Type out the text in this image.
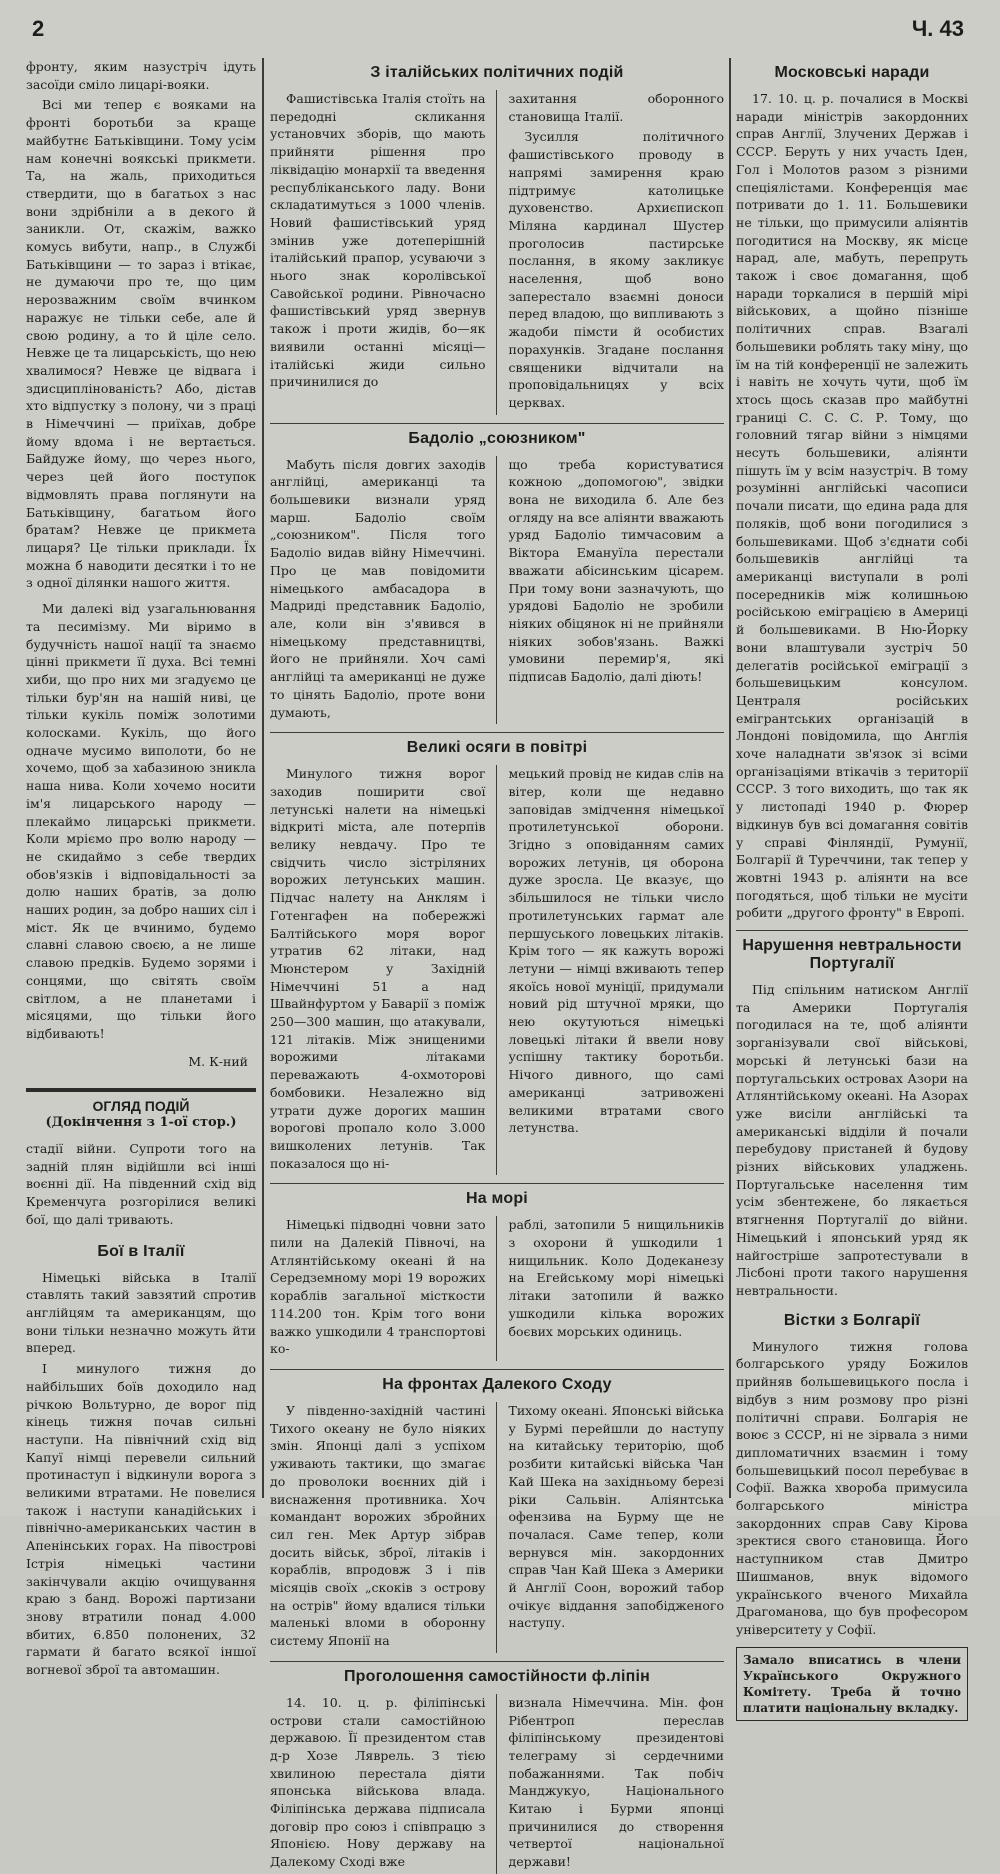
2	Ч. 43

фронту, яким назустріч ідуть засоїди сміло лицарі-вояки.

Всі ми тепер є вояками на фронті боротьби за краще майбутнє Батьківщини. Тому усім нам конечні воякські прикмети. Та, на жаль, приходиться ствердити, що в багатьох з нас вони здрібніли а в декого й заникли. От, скажім, важко комусь вибути, напр., в Службі Батьківщини — то зараз і втікає, не думаючи про те, що цим нерозважним своїм вчинком наражує не тільки себе, але й свою родину, а то й ціле село. Невже це та лицарськість, що нею хвалимося? Невже це відвага і здисциплінованість? Або, дістав хто відпустку з полону, чи з праці в Німеччині — приїхав, добре йому вдома і не вертається. Байдуже йому, що через нього, через цей його поступок відмовлять права поглянути на Батьківщину, багатьом його братам? Невже це прикмета лицаря? Це тільки приклади. Їх можна б наводити десятки і то не з одної ділянки нашого життя.

Ми далекі від узагальнювання та песимізму. Ми віримо в будучність нашої нації та знаємо цінні прикмети її духа. Всі темні хиби, що про них ми згадуємо це тільки бур'ян на нашій ниві, це тільки кукіль поміж золотими колосками. Кукіль, що його одначе мусимо виполоти, бо не хочемо, щоб за хабазиною зникла наша нива. Коли хочемо носити ім'я лицарського народу — плекаймо лицарські прикмети. Коли мріємо про волю народу — не скидаймо з себе твердих обов'язків і відповідальності за долю наших братів, за долю наших родин, за добро наших сіл і міст. Як це вчинимо, будемо славні славою своєю, а не лише славою предків. Будемо зорями і сонцями, що світять своїм світлом, а не планетами і місяцями, що тільки його відбивають!

М. К-ний
ОГЛЯД ПОДІЙ
(Докінчення з 1-ої стор.)

стадії війни. Супроти того на задній плян відійшли всі інші воєнні дії. На південний схід від Кременчуга розгорілися великі бої, що далі тривають.

Бої в Італії

Німецькі війська в Італії ставлять такий завзятий спротив англійцям та американцям, що вони тільки незначно можуть йти вперед.

І минулого тижня до найбільших боїв доходило над річкою Вольтурно, де ворог під кінець тижня почав сильні наступи. На північний схід від Капуї німці перевели сильний протинаступ і відкинули ворога з великими втратами. Не повелися також і наступи канадійських і північно-американських частин в Апенінських горах. На півострові Істрія німецькі частини закінчували акцію очищування краю з банд. Ворожі партизани знову втратили понад 4.000 вбитих, 6.850 полонених, 32 гармати й багато всякої іншої вогневої зброї та автомашин.

З італійських політичних подій

Фашистівська Італія стоїть на передодні скликання установчих зборів, що мають прийняти рішення про ліквідацію монархії та введення республіканського ладу. Вони складатимуться з 1000 членів. Новий фашистівський уряд змінив уже дотеперішній італійський прапор, усуваючи з нього знак королівської Савойської родини. Рівночасно фашистівський уряд звернув також і проти жидів, бо—як виявили останні місяці—італійські жиди сильно причинилися до

захитання оборонного становища Італії.

Зусилля політичного фашистівського проводу в напрямі замирення краю підтримує католицьке духовенство. Архиєпископ Міляна кардинал Шустер проголосив пастирське послання, в якому закликує населення, щоб воно заперестало взаємні доноси перед владою, що випливають з жадоби пімсти й особистих порахунків. Згадане послання священики відчитали на проповідальницях у всіх церквах.

Бадоліо „союзником"

Мабуть після довгих заходів англійці, американці та большевики визнали уряд марш. Бадоліо своїм „союзником". Після того Бадоліо видав війну Німеччині. Про це мав повідомити німецького амбасадора в Мадриді представник Бадоліо, але, коли він з'явився в німецькому представництві, його не прийняли. Хоч самі англійці та американці не дуже то цінять Бадоліо, проте вони думають,

що треба користуватися кожною „допомогою", звідки вона не виходила б. Але без огляду на все аліянти вважають уряд Бадоліо тимчасовим а Віктора Емануїла перестали вважати абісинським цісарем. При тому вони зазначують, що урядові Бадоліо не зробили ніяких обіцянок ні не прийняли ніяких зобов'язань. Важкі умовини перемир'я, які підписав Бадоліо, далі діють!

Великі осяги в повітрі

Минулого тижня ворог заходив поширити свої летунські налети на німецькі відкриті міста, але потерпів велику невдачу. Про те свідчить число зістріляних ворожих летунських машин. Підчас налету на Анклям і Готенгафен на побережжі Балтійського моря ворог утратив 62 літаки, над Мюнстером у Західній Німеччині 51 а над Швайнфуртом у Баварії з поміж 250—300 машин, що атакували, 121 літаків. Між знищеними ворожими літаками переважають 4-охмоторові бомбовики. Незалежно від утрати дуже дорогих машин ворогові пропало коло 3.000 вишколених летунів. Так показалося що ні-

мецький провід не кидав слів на вітер, коли ще недавно заповідав змідчення німецької протилетунської оборони. Згідно з оповіданням самих ворожих летунів, ця оборона дуже зросла. Це вказує, що збільшилося не тільки число протилетунських гармат але першуського ловецьких літаків. Крім того — як кажуть ворожі летуни — німці вживають тепер якоїсь нової муніції, придумали новий рід штучної мряки, що нею окутуються німецькі ловецькі літаки й ввели нову успішну тактику боротьби. Нічого дивного, що самі американці затривожені великими втратами свого летунства.

На морі

Німецькі підводні човни зато пили на Далекій Півночі, на Атлянтійському океані й на Середземному морі 19 ворожих кораблів загальної місткости 114.200 тон. Крім того вони важко ушкодили 4 транспортові ко-

раблі, затопили 5 нищильників з охорони й ушкодили 1 нищильник. Коло Додеканезу на Егейському морі німецькі літаки затопили й важко ушкодили кілька ворожих боєвих морських одиниць.

На фронтах Далекого Сходу

У південно-західній частині Тихого океану не було ніяких змін. Японці далі з успіхом уживають тактики, що змагає до проволоки воєнних дій і виснаження противника. Хоч командант ворожих збройних сил ген. Мек Артур зібрав досить військ, зброї, літаків і кораблів, впродовж 3 і пів місяців своїх „скоків з острову на острів" йому вдалися тільки маленькі вломи в оборонну систему Японії на

Тихому океані. Японські війська у Бурмі перейшли до наступу на китайську територію, щоб розбити китайські війська Чан Кай Шека на західньому березі ріки Сальвін. Аліянтська офензива на Бурму ще не почалася. Саме тепер, коли вернувся мін. закордонних справ Чан Кай Шека з Америки й Англії Соон, ворожий табор очікує віддання запобідженого наступу.

Проголошення самостійности ф.ліпін

14. 10. ц. р. філіпінські острови стали самостійною державою. Її президентом став д-р Хозе Ляврель. З тією хвилиною перестала діяти японська військова влада. Філіпінська держава підписала договір про союз і співпрацю з Японією. Нову державу на Далекому Сході вже

визнала Німеччина. Мін. фон Рібентроп переслав філіпінському президентові телеграму зі сердечними побажаннями. Так побіч Манджукуо, Національного Китаю і Бурми японці причинилися до створення четвертої національної держави!

Московські наради

17. 10. ц. р. почалися в Москві наради міністрів закордонних справ Англії, Злучених Держав і СССР. Беруть у них участь Іден, Гол і Молотов разом з різними спеціялістами. Конференція має потривати до 1. 11. Большевики не тільки, що примусили аліянтів погодитися на Москву, як місце нарад, але, мабуть, перепруть також і своє домагання, щоб наради торкалися в першій мірі військових, а щойно пізніше політичних справ. Взагалі большевики роблять таку міну, що їм на тій конференції не залежить і навіть не хочуть чути, щоб їм хтось щось сказав про майбутні границі С. С. С. Р. Тому, що головний тягар війни з німцями несуть большевики, аліянти пішуть їм у всім назустріч. В тому розумінні англійські часописи почали писати, що едина рада для поляків, щоб вони погодилися з большевиками. Щоб з'єднати собі большевиків англійці та американці виступали в ролі посередників між колишньою російською еміграцією в Америці й большевиками. В Ню-Йорку вони влаштували зустріч 50 делегатів російської еміграції з большевицьким консулом. Централя російських емігрантських організацій в Лондоні повідомила, що Англія хоче наладнати зв'язок зі всіми організаціями втікачів з території СССР. З того виходить, що так як у листопаді 1940 р. Фюрер відкинув був всі домагання совітів у справі Фінляндії, Румунії, Болгарії й Туреччини, так тепер у жовтні 1943 р. аліянти на все погодяться, щоб тільки не мусіти робити „другого фронту" в Европі.

Нарушення невтральности
Португалії

Під спільним натиском Англії та Америки Португалія погодилася на те, щоб аліянти зорганізували свої військові, морські й летунські бази на португальських островах Азори на Атлянтійському океані. На Азорах уже висіли англійські та американські відділи й почали перебудову пристаней й будову різних військових уладжень. Португальське населення тим усім збентежене, бо лякається втягнення Португалії до війни. Німецький і японський уряд як найгостріше запротестували в Лісбоні проти такого нарушення невтральности.

Вістки з Болгарії

Минулого тижня голова болгарського уряду Божилов прийняв большевицького посла і відбув з ним розмову про різні політичні справи. Болгарія не воює з СССР, ні не зірвала з ними дипломатичних взаємин і тому большевицький посол перебуває в Софії. Важка хвороба примусила болгарського міністра закордонних справ Саву Кірова зректися свого становища. Його наступником став Дмитро Шишманов, внук відомого українського вченого Михайла Драгоманова, що був професором університету у Софії.

Замало вписатись в члени Українського Окружного Комітету. Треба й точно платити національну вкладку.
